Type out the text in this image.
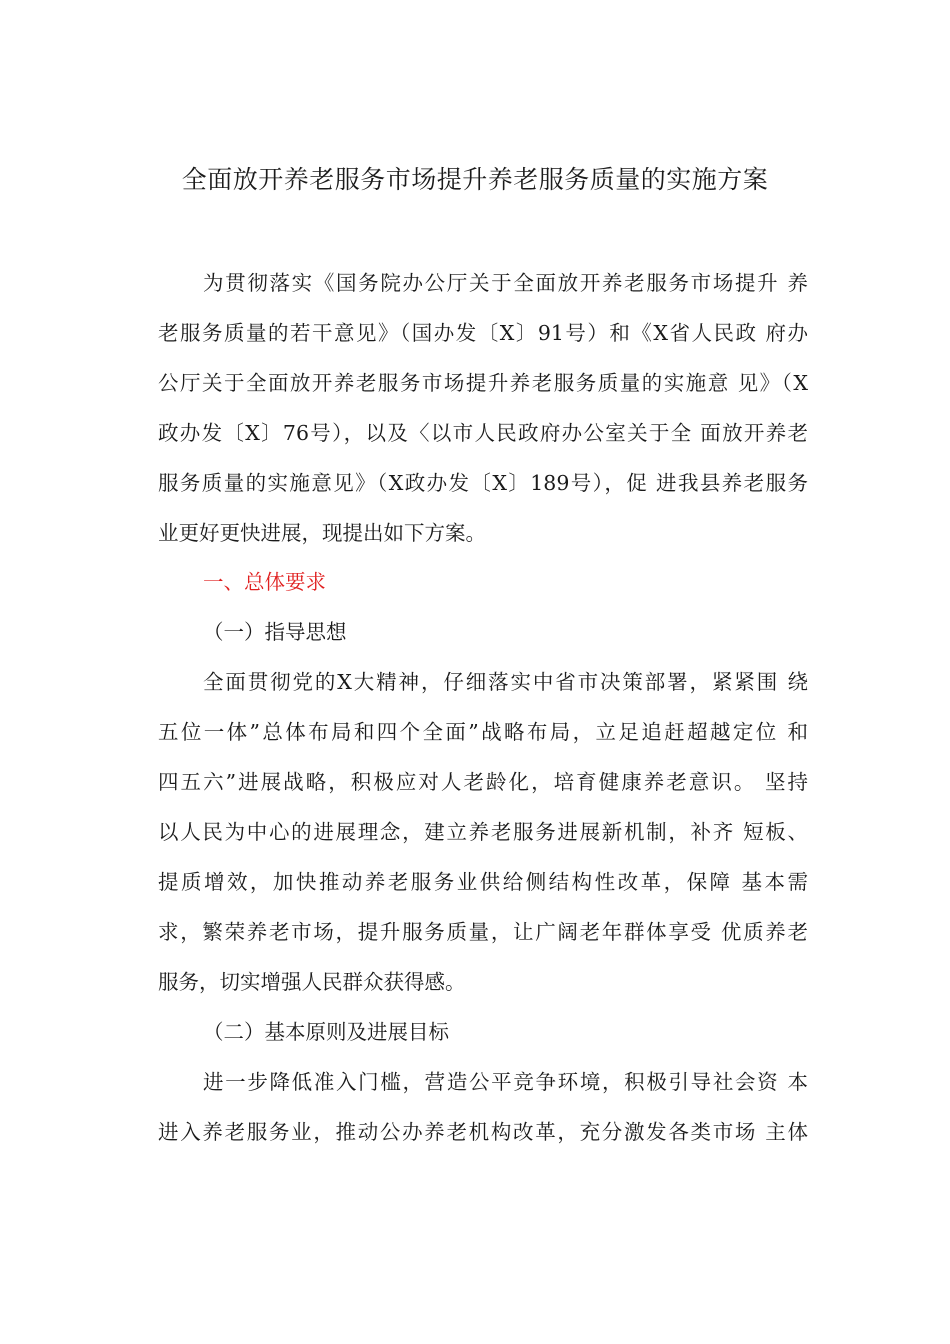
全面放开养老服务市场提升养老服务质量的实施方案
为贯彻落实《国务院办公厅关于全面放开养老服务市场提升 养
老服务质量的若干意见》（国办发〔X〕91号）和《X省人民政 府办
公厅关于全面放开养老服务市场提升养老服务质量的实施意 见》（X
政办发〔X〕76号），以及〈以市人民政府办公室关于全 面放开养老
服务质量的实施意见》（X政办发〔X〕189号），促 进我县养老服务
业更好更快进展，现提出如下方案。
一、总体要求
（一）指导思想
全面贯彻党的X大精神，仔细落实中省市决策部署，紧紧围 绕
五位一体”总体布局和四个全面”战略布局，立足追赶超越定位 和
四五六”进展战略，积极应对人老龄化，培育健康养老意识。 坚持
以人民为中心的进展理念，建立养老服务进展新机制，补齐 短板、
提质增效，加快推动养老服务业供给侧结构性改革，保障 基本需
求，繁荣养老市场，提升服务质量，让广阔老年群体享受 优质养老
服务，切实增强人民群众获得感。
（二）基本原则及进展目标
进一步降低准入门槛，营造公平竞争环境，积极引导社会资 本
进入养老服务业，推动公办养老机构改革，充分激发各类市场 主体
